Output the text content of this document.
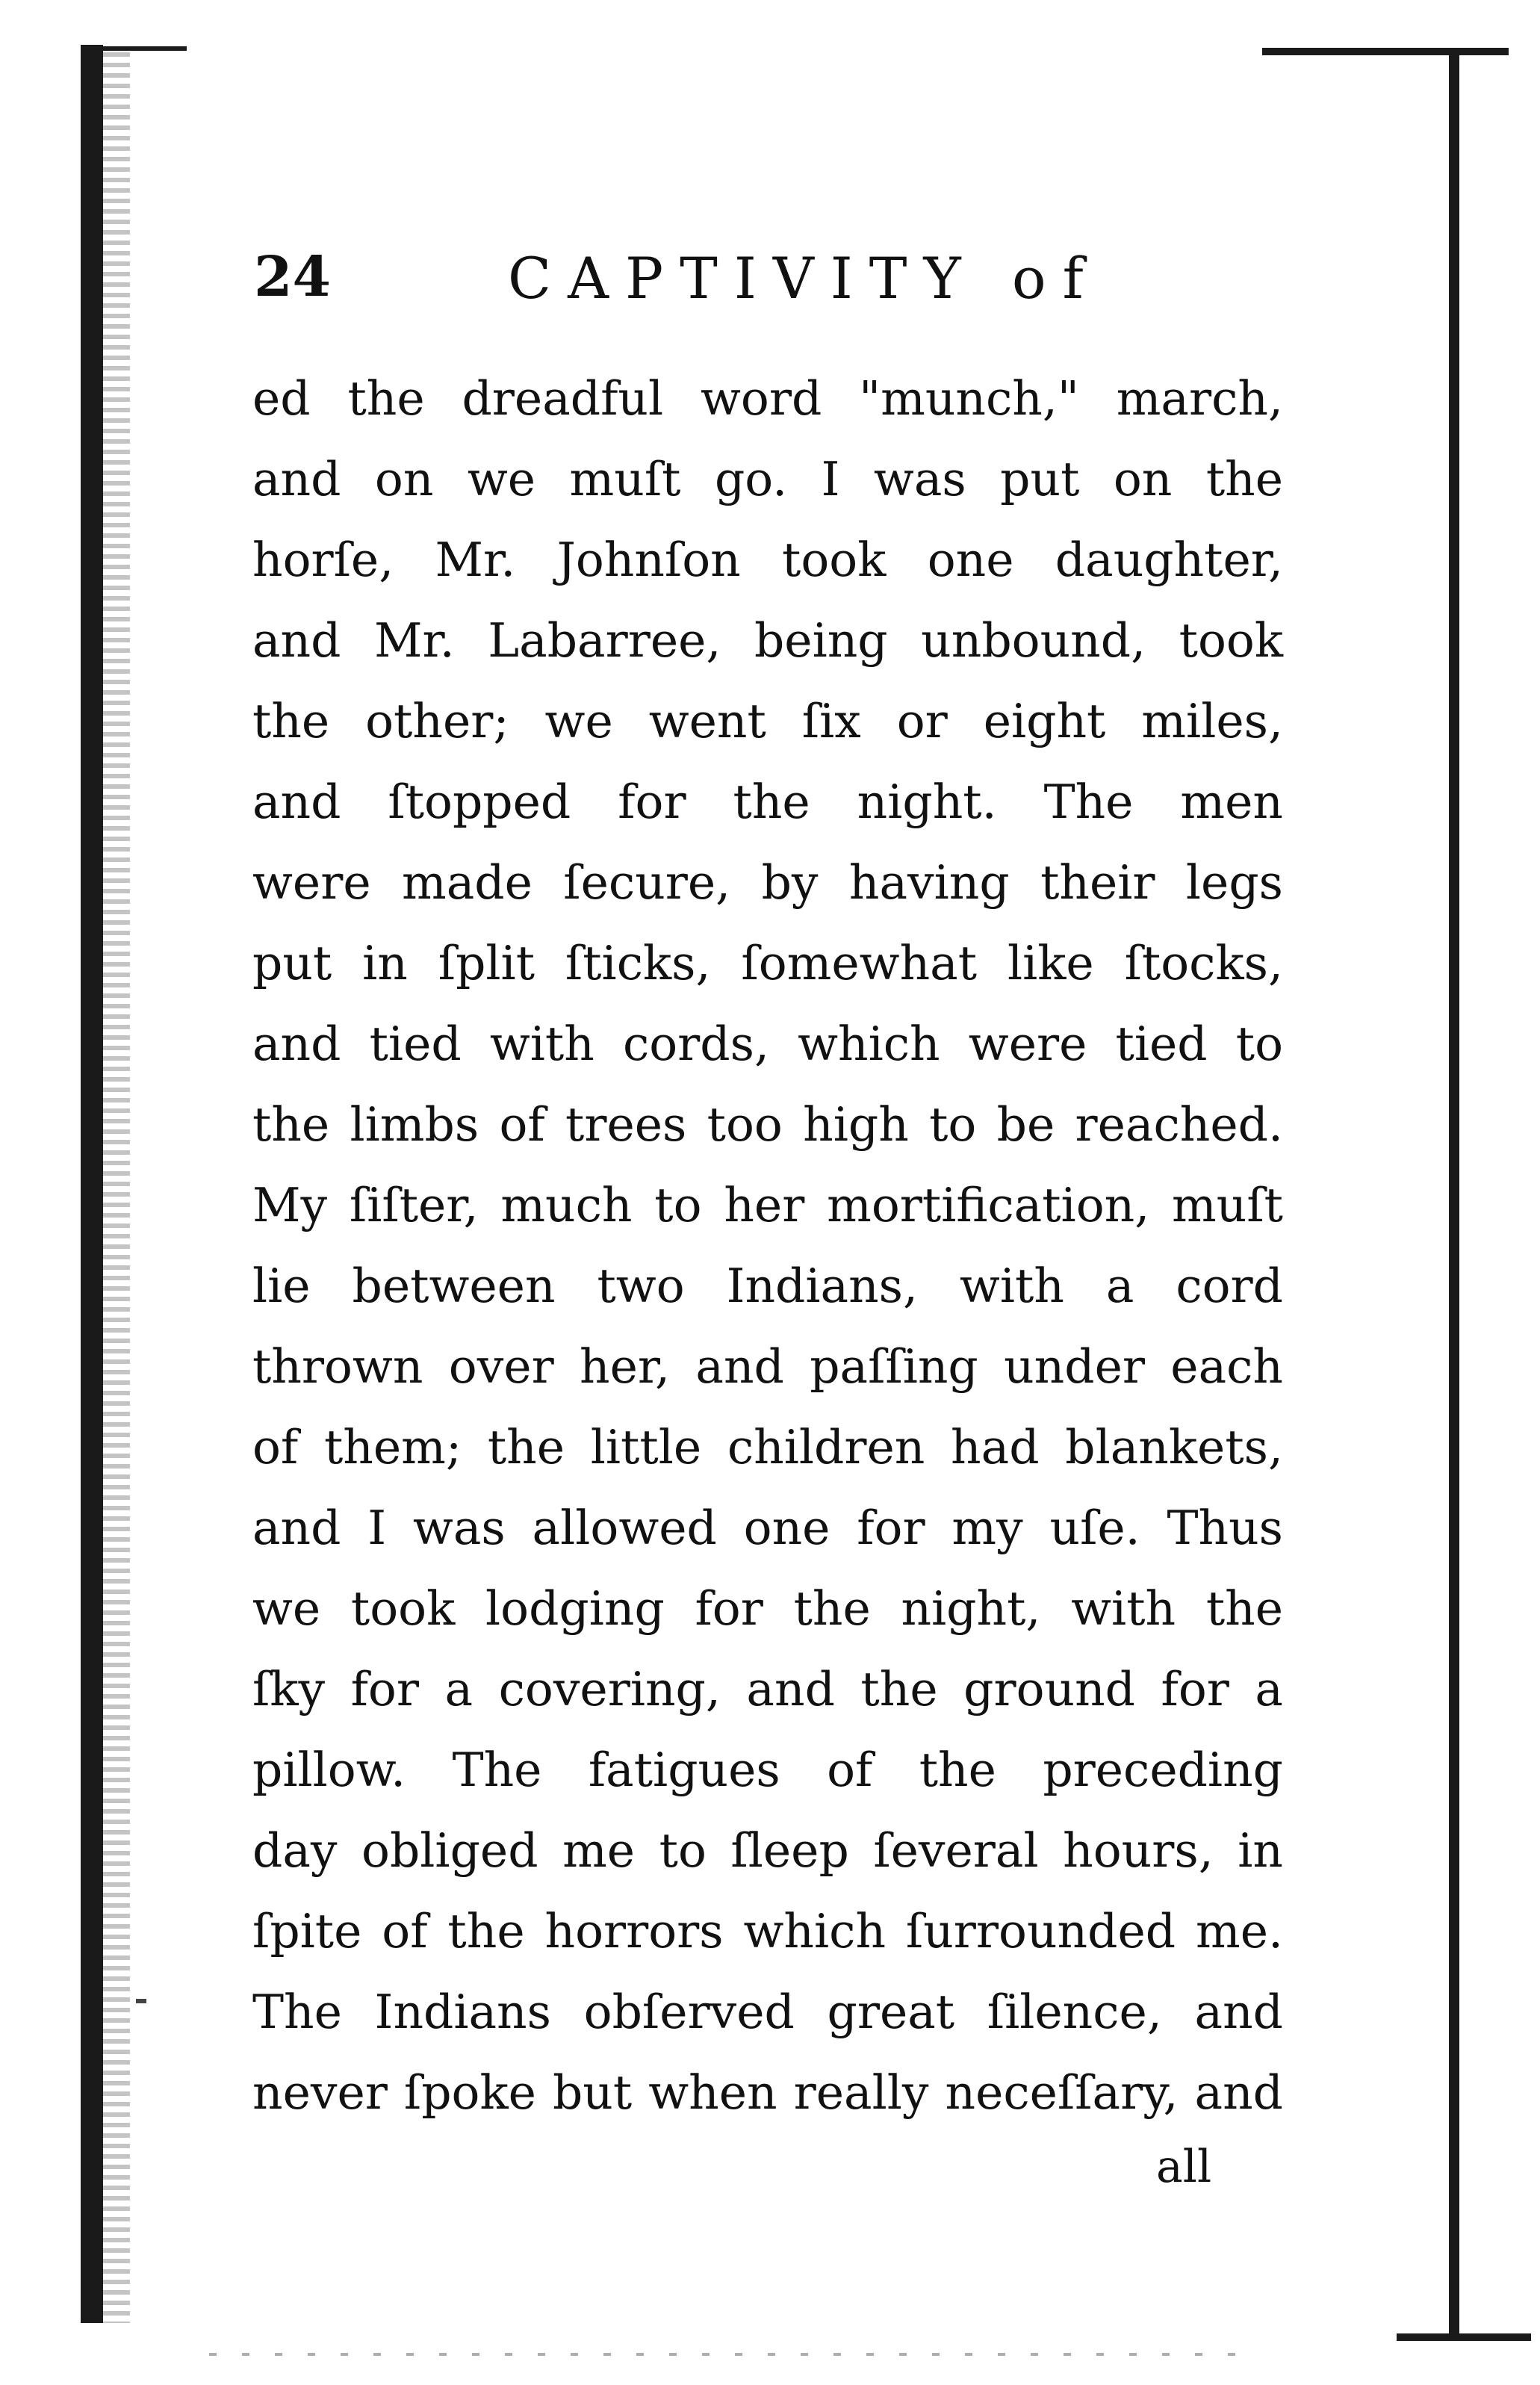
24	CAPTIVITY of
ed the dreadful word "munch," march,
and on we muſt go. I was put on the
horſe, Mr. Johnſon took one daughter,
and Mr. Labarree, being unbound, took
the other; we went ſix or eight miles,
and ſtopped for the night. The men
were made ſecure, by having their legs
put in ſplit ſticks, ſomewhat like ſtocks,
and tied with cords, which were tied to
the limbs of trees too high to be reached.
My ſiſter, much to her mortification, muſt
lie between two Indians, with a cord
thrown over her, and paſſing under each
of them; the little children had blankets,
and I was allowed one for my uſe. Thus
we took lodging for the night, with the
ſky for a covering, and the ground for a
pillow. The fatigues of the preceding
day obliged me to ſleep ſeveral hours, in
ſpite of the horrors which ſurrounded me.
The Indians obſerved great ſilence, and
never ſpoke but when really neceſſary, and
all
